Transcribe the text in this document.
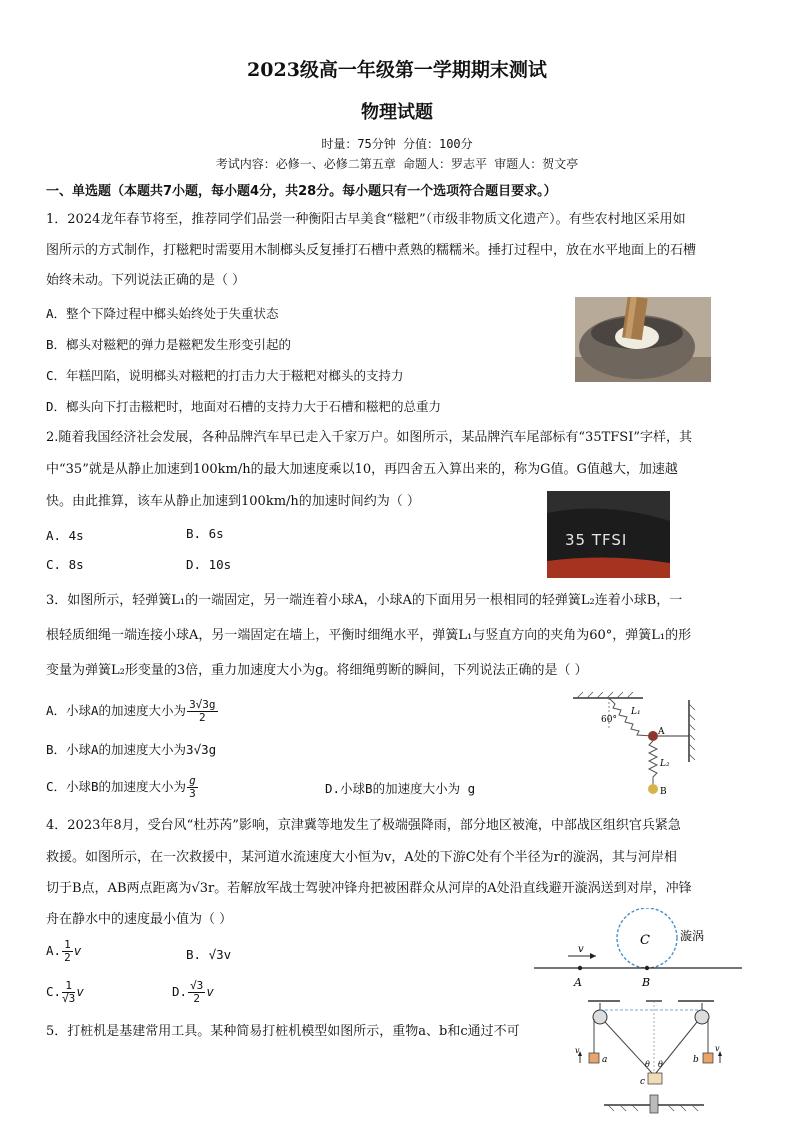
2023级高一年级第一学期期末测试
物理试题
时量：75分钟 分值：100分
考试内容：必修一、必修二第五章 命题人：罗志平 审题人：贺文亭
一、单选题（本题共7小题，每小题4分，共28分。每小题只有一个选项符合题目要求。）
1．2024龙年春节将至，推荐同学们品尝一种衡阳古早美食“糍粑”（市级非物质文化遗产）。有些农村地区采用如
图所示的方式制作，打糍粑时需要用木制榔头反复捶打石槽中煮熟的糯糯米。捶打过程中，放在水平地面上的石槽
始终未动。下列说法正确的是（ ）
A．整个下降过程中榔头始终处于失重状态
B．榔头对糍粑的弹力是糍粑发生形变引起的
C．年糕凹陷，说明榔头对糍粑的打击力大于糍粑对榔头的支持力
D．榔头向下打击糍粑时，地面对石槽的支持力大于石槽和糍粑的总重力
2.随着我国经济社会发展，各种品牌汽车早已走入千家万户。如图所示，某品牌汽车尾部标有“35TFSI”字样，其
中“35”就是从静止加速到100km/h的最大加速度乘以10，再四舍五入算出来的，称为G值。G值越大，加速越
快。由此推算，该车从静止加速到100km/h的加速时间约为（ ）
A. 4s	B. 6s
C. 8s	D. 10s
35 TFSI
3．如图所示，轻弹簧L₁的一端固定，另一端连着小球A，小球A的下面用另一根相同的轻弹簧L₂连着小球B，一
根轻质细绳一端连接小球A，另一端固定在墙上，平衡时细绳水平，弹簧L₁与竖直方向的夹角为60°，弹簧L₁的形
变量为弹簧L₂形变量的3倍，重力加速度大小为g。将细绳剪断的瞬间，下列说法正确的是（ ）
A．小球A的加速度大小为 $\frac{3√3g}{2}$
B．小球A的加速度大小为3√3g
C．小球B的加速度大小为 $\frac{g}{3}$	D.小球B的加速度大小为 g
60°
L₁
L₂
A
B
4．2023年8月，受台风“杜苏芮”影响，京津冀等地发生了极端强降雨，部分地区被淹，中部战区组织官兵紧急
救援。如图所示，在一次救援中，某河道水流速度大小恒为v，A处的下游C处有个半径为r的漩涡，其与河岸相
切于B点，AB两点距离为√3r。若解放军战士驾驶冲锋舟把被困群众从河岸的A处沿直线避开漩涡送到对岸，冲锋
舟在静水中的速度最小值为（ ）
A. $\frac{1}{2}$ v	B. √3v
C. $\frac{1}{√3}$ v	D. $\frac{√3}{2}$ v
C	漩涡
v
A	B
5．打桩机是基建常用工具。某种简易打桩机模型如图所示，重物a、b和c通过不可
a	b
c
v	v
θ θ
